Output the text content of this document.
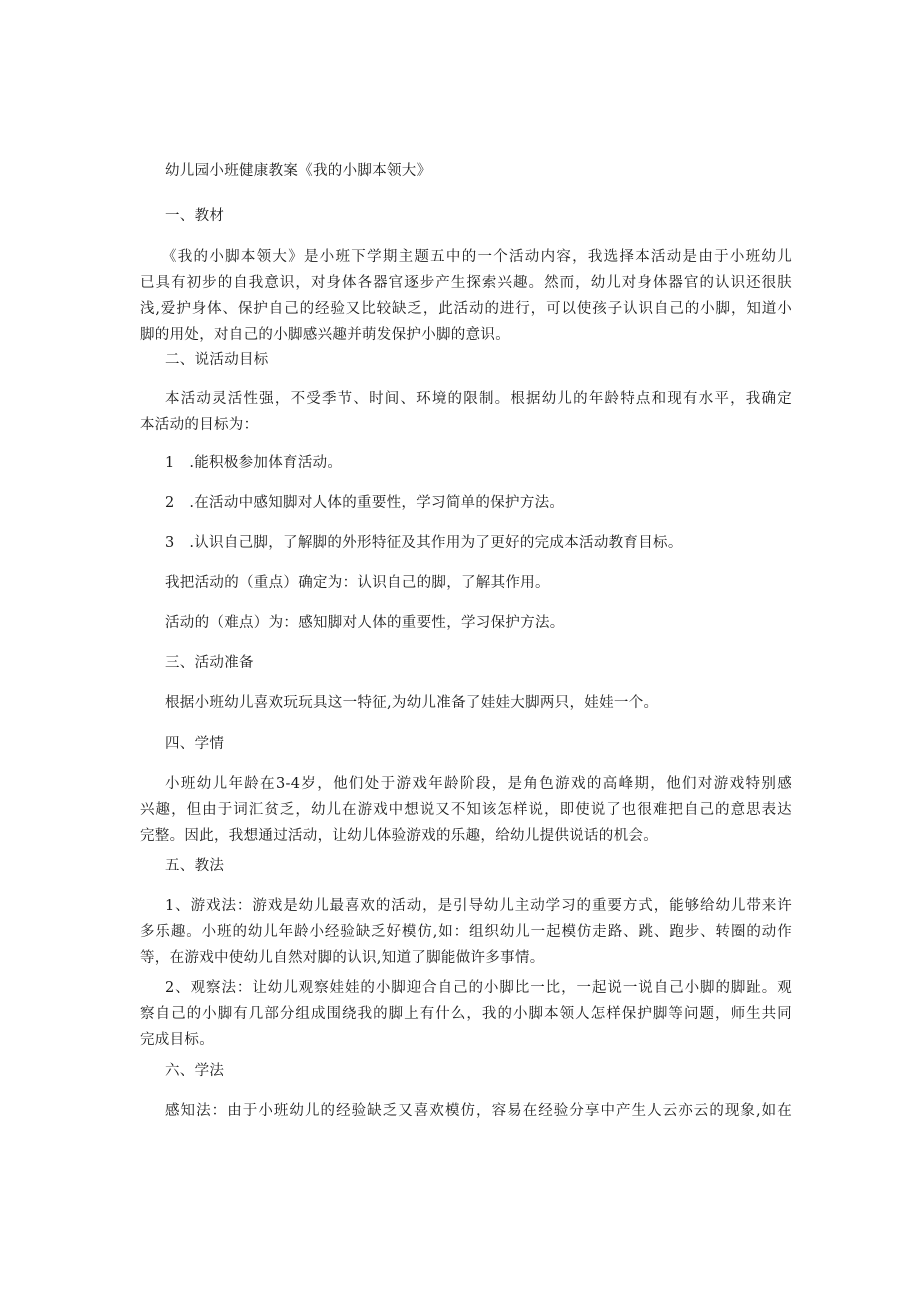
幼儿园小班健康教案《我的小脚本领大》

一、教材

《我的小脚本领大》是小班下学期主题五中的一个活动内容，我选择本活动是由于小班幼儿
已具有初步的自我意识，对身体各器官逐步产生探索兴趣。然而，幼儿对身体器官的认识还很肤
浅,爱护身体、保护自己的经验又比较缺乏，此活动的进行，可以使孩子认识自己的小脚，知道小
脚的用处，对自己的小脚感兴趣并萌发保护小脚的意识。

二、说活动目标

本活动灵活性强，不受季节、时间、环境的限制。根据幼儿的年龄特点和现有水平，我确定
本活动的目标为：

1　.能积极参加体育活动。

2　.在活动中感知脚对人体的重要性，学习简单的保护方法。

3　.认识自己脚，了解脚的外形特征及其作用为了更好的完成本活动教育目标。

我把活动的（重点）确定为：认识自己的脚，了解其作用。

活动的（难点）为：感知脚对人体的重要性，学习保护方法。

三、活动准备

根据小班幼儿喜欢玩玩具这一特征,为幼儿准备了娃娃大脚两只，娃娃一个。

四、学情

小班幼儿年龄在3-4岁，他们处于游戏年龄阶段，是角色游戏的高峰期，他们对游戏特别感
兴趣，但由于词汇贫乏，幼儿在游戏中想说又不知该怎样说，即使说了也很难把自己的意思表达
完整。因此，我想通过活动，让幼儿体验游戏的乐趣，给幼儿提供说话的机会。

五、教法

1、游戏法：游戏是幼儿最喜欢的活动，是引导幼儿主动学习的重要方式，能够给幼儿带来许
多乐趣。小班的幼儿年龄小经验缺乏好模仿,如：组织幼儿一起模仿走路、跳、跑步、转圈的动作
等，在游戏中使幼儿自然对脚的认识,知道了脚能做许多事情。

2、观察法：让幼儿观察娃娃的小脚迎合自己的小脚比一比，一起说一说自己小脚的脚趾。观
察自己的小脚有几部分组成围绕我的脚上有什么，我的小脚本领人怎样保护脚等问题，师生共同
完成目标。

六、学法

感知法：由于小班幼儿的经验缺乏又喜欢模仿，容易在经验分享中产生人云亦云的现象,如在
